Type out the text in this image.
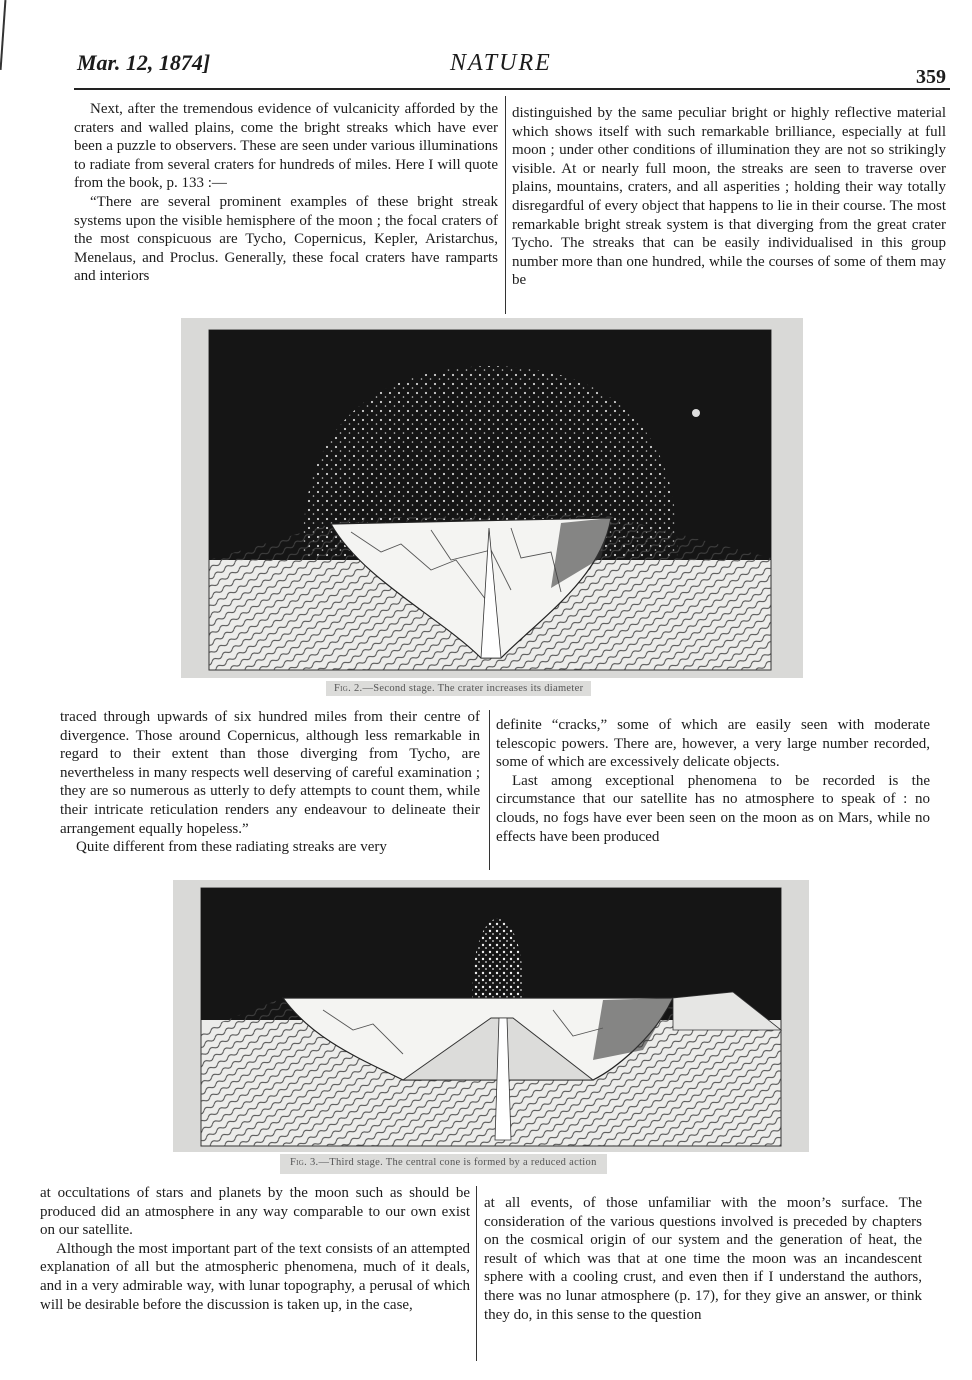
Mar. 12, 1874]	NATURE
359

Next, after the tremendous evidence of vulcanicity afforded by the craters and walled plains, come the bright streaks which have ever been a puzzle to observers. These are seen under various illuminations to radiate from several craters for hundreds of miles. Here I will quote from the book, p. 133 :—

“There are several prominent examples of these bright streak systems upon the visible hemisphere of the moon ; the focal craters of the most conspicuous are Tycho, Copernicus, Kepler, Aristarchus, Menelaus, and Proclus. Generally, these focal craters have ramparts and interiors

distinguished by the same peculiar bright or highly reflective material which shows itself with such remarkable brilliance, especially at full moon ; under other conditions of illumination they are not so strikingly visible. At or nearly full moon, the streaks are seen to traverse over plains, mountains, craters, and all asperities ; holding their way totally disregardful of every object that happens to lie in their course. The most remarkable bright streak system is that diverging from the great crater Tycho. The streaks that can be easily individualised in this group number more than one hundred, while the courses of some of them may be

Fig. 2.—Second stage. The crater increases its diameter

traced through upwards of six hundred miles from their centre of divergence. Those around Copernicus, although less remarkable in regard to their extent than those diverging from Tycho, are nevertheless in many respects well deserving of careful examination ; they are so numerous as utterly to defy attempts to count them, while their intricate reticulation renders any endeavour to delineate their arrangement equally hopeless.”

Quite different from these radiating streaks are very

definite “cracks,” some of which are easily seen with moderate telescopic powers. There are, however, a very large number recorded, some of which are excessively delicate objects.

Last among exceptional phenomena to be recorded is the circumstance that our satellite has no atmosphere to speak of : no clouds, no fogs have ever been seen on the moon as on Mars, while no effects have been produced

Fig. 3.—Third stage. The central cone is formed by a reduced action

at occultations of stars and planets by the moon such as should be produced did an atmosphere in any way comparable to our own exist on our satellite.

Although the most important part of the text consists of an attempted explanation of all but the atmospheric phenomena, much of it deals, and in a very admirable way, with lunar topography, a perusal of which will be desirable before the discussion is taken up, in the case,

at all events, of those unfamiliar with the moon’s surface. The consideration of the various questions involved is preceded by chapters on the cosmical origin of our system and the generation of heat, the result of which was that at one time the moon was an incandescent sphere with a cooling crust, and even then if I understand the authors, there was no lunar atmosphere (p. 17), for they give an answer, or think they do, in this sense to the question
